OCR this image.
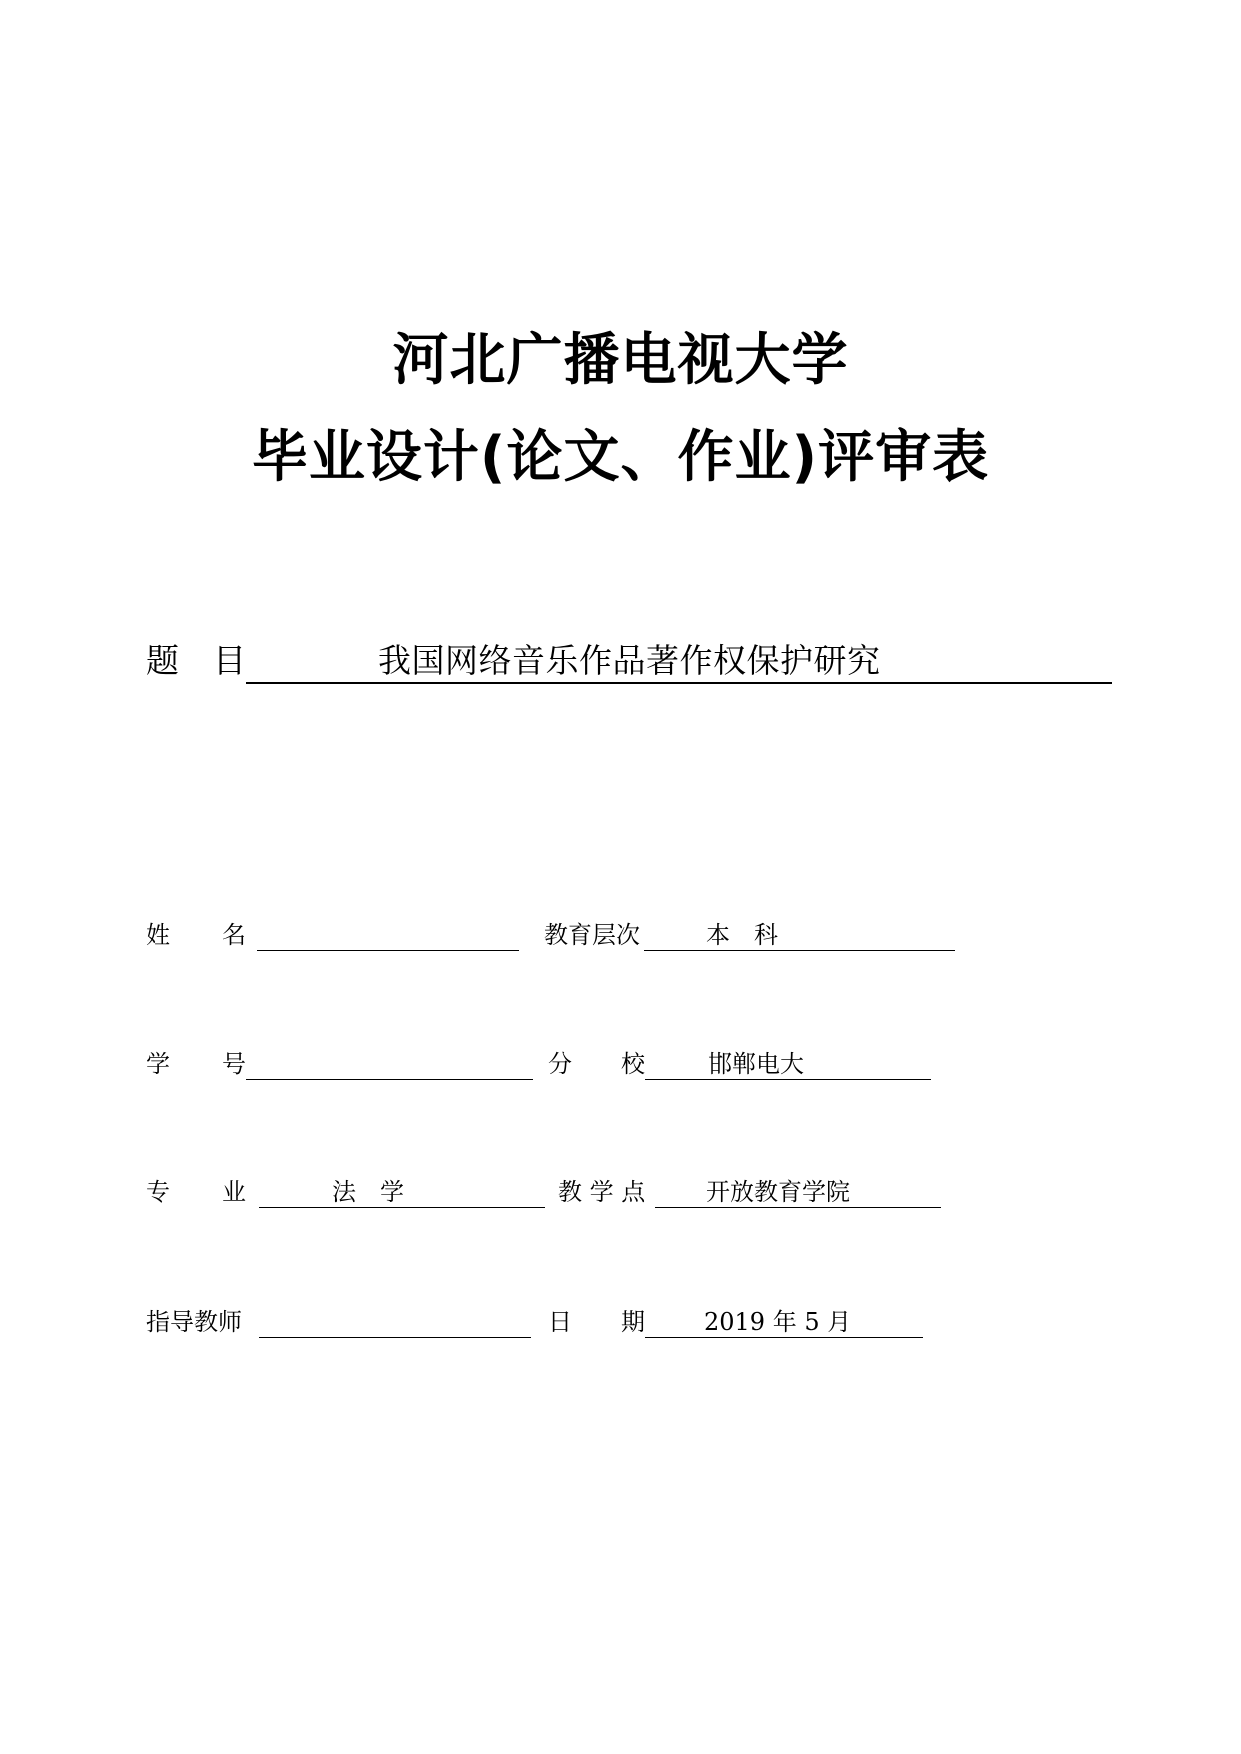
河北广播电视大学
毕业设计(论文、作业)评审表
题 目	我国网络音乐作品著作权保护研究
姓 名	教育层次	本　科
学 号	分 校	邯郸电大
专 业	法　学	教 学 点	开放教育学院
指导教师	日 期 2019 年 5 月
